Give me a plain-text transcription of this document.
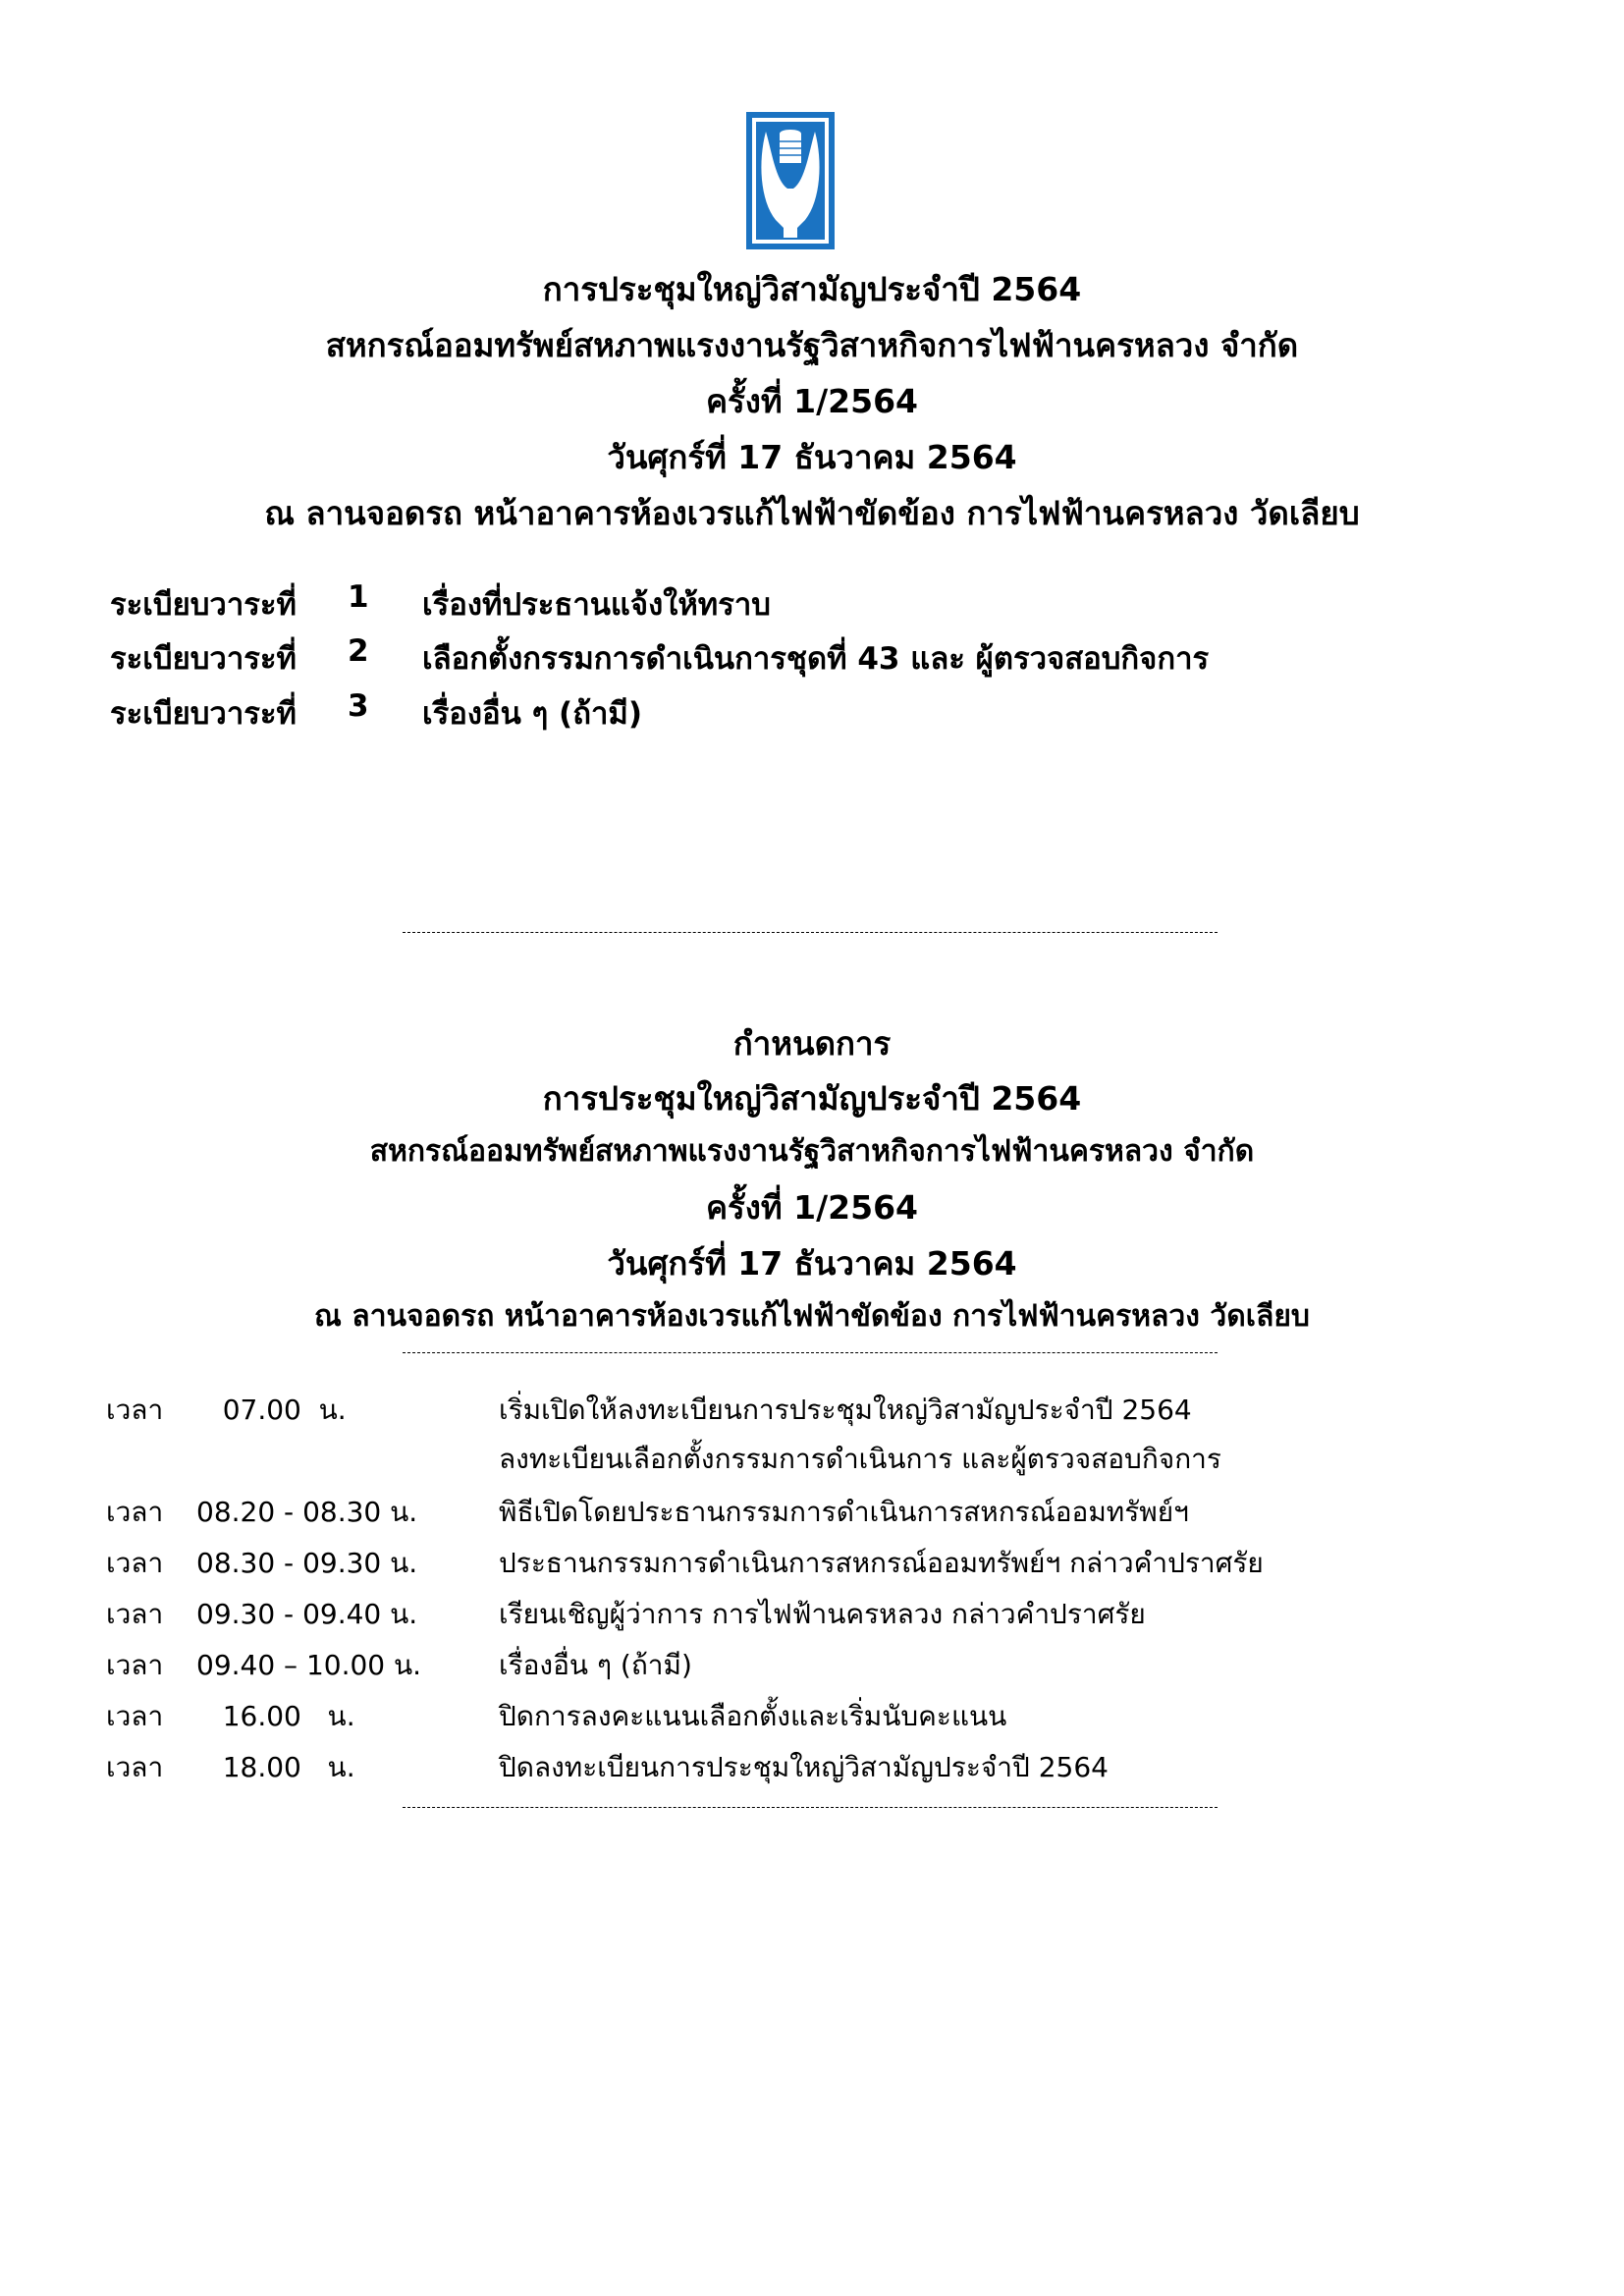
การประชุมใหญ่วิสามัญประจำปี 2564
สหกรณ์ออมทรัพย์สหภาพแรงงานรัฐวิสาหกิจการไฟฟ้านครหลวง จำกัด
ครั้งที่ 1/2564
วันศุกร์ที่ 17 ธันวาคม 2564
ณ ลานจอดรถ หน้าอาคารห้องเวรแก้ไฟฟ้าขัดข้อง การไฟฟ้านครหลวง วัดเลียบ
ระเบียบวาระที่ 1 เรื่องที่ประธานแจ้งให้ทราบ
ระเบียบวาระที่ 2 เลือกตั้งกรรมการดำเนินการชุดที่ 43 และ ผู้ตรวจสอบกิจการ
ระเบียบวาระที่ 3 เรื่องอื่น ๆ (ถ้ามี)
กำหนดการ
การประชุมใหญ่วิสามัญประจำปี 2564
สหกรณ์ออมทรัพย์สหภาพแรงงานรัฐวิสาหกิจการไฟฟ้านครหลวง จำกัด
ครั้งที่ 1/2564
วันศุกร์ที่ 17 ธันวาคม 2564
ณ ลานจอดรถ หน้าอาคารห้องเวรแก้ไฟฟ้าขัดข้อง การไฟฟ้านครหลวง วัดเลียบ
เวลา 07.00  น.	เริ่มเปิดให้ลงทะเบียนการประชุมใหญ่วิสามัญประจำปี 2564
ลงทะเบียนเลือกตั้งกรรมการดำเนินการ และผู้ตรวจสอบกิจการ
เวลา 08.20 - 08.30 น.	พิธีเปิดโดยประธานกรรมการดำเนินการสหกรณ์ออมทรัพย์ฯ
เวลา 08.30 - 09.30 น.	ประธานกรรมการดำเนินการสหกรณ์ออมทรัพย์ฯ กล่าวคำปราศรัย
เวลา 09.30 - 09.40 น.	เรียนเชิญผู้ว่าการ การไฟฟ้านครหลวง กล่าวคำปราศรัย
เวลา 09.40 – 10.00 น.	เรื่องอื่น ๆ (ถ้ามี)
เวลา 16.00   น.	ปิดการลงคะแนนเลือกตั้งและเริ่มนับคะแนน
เวลา 18.00   น.	ปิดลงทะเบียนการประชุมใหญ่วิสามัญประจำปี 2564
